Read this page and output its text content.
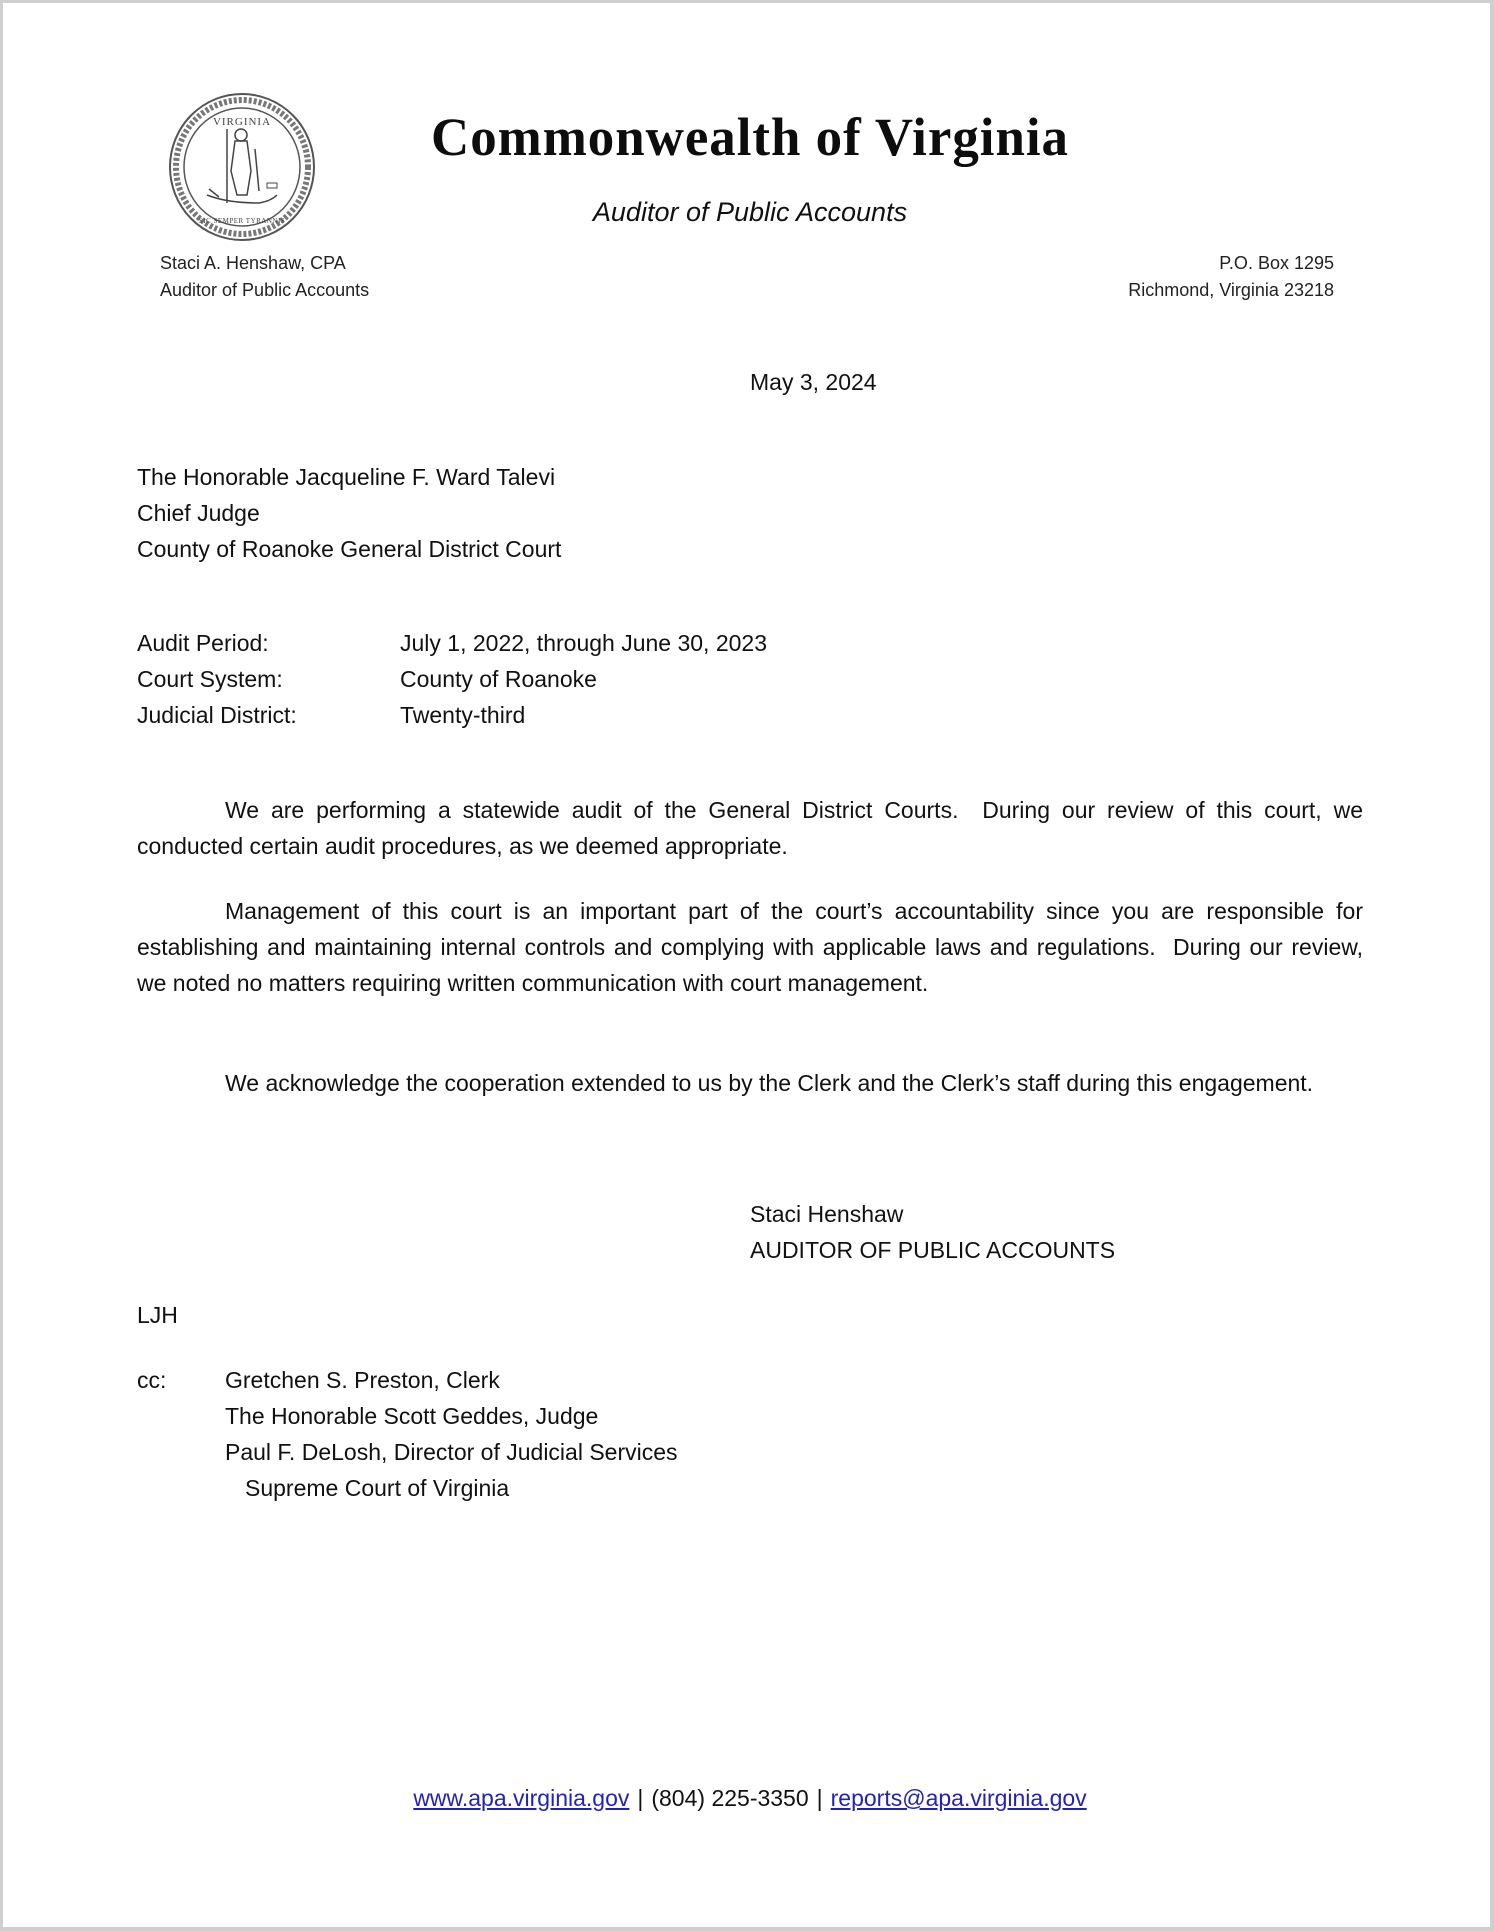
VIRGINIA
SIC SEMPER TYRANNIS
Commonwealth of Virginia
Auditor of Public Accounts
Staci A. Henshaw, CPA
Auditor of Public Accounts
P.O. Box 1295
Richmond, Virginia 23218
May 3, 2024
The Honorable Jacqueline F. Ward Talevi
Chief Judge
County of Roanoke General District Court
Audit Period:	July 1, 2022, through June 30, 2023
Court System:	County of Roanoke
Judicial District:	Twenty-third

We are performing a statewide audit of the General District Courts.  During our review of this court, we conducted certain audit procedures, as we deemed appropriate.

Management of this court is an important part of the court’s accountability since you are responsible for establishing and maintaining internal controls and complying with applicable laws and regulations.  During our review, we noted no matters requiring written communication with court management.

We acknowledge the cooperation extended to us by the Clerk and the Clerk’s staff during this engagement.

Staci Henshaw
AUDITOR OF PUBLIC ACCOUNTS
LJH
cc:	Gretchen S. Preston, Clerk
The Honorable Scott Geddes, Judge
Paul F. DeLosh, Director of Judicial Services
Supreme Court of Virginia
www.apa.virginia.gov | (804) 225-3350 | reports@apa.virginia.gov
